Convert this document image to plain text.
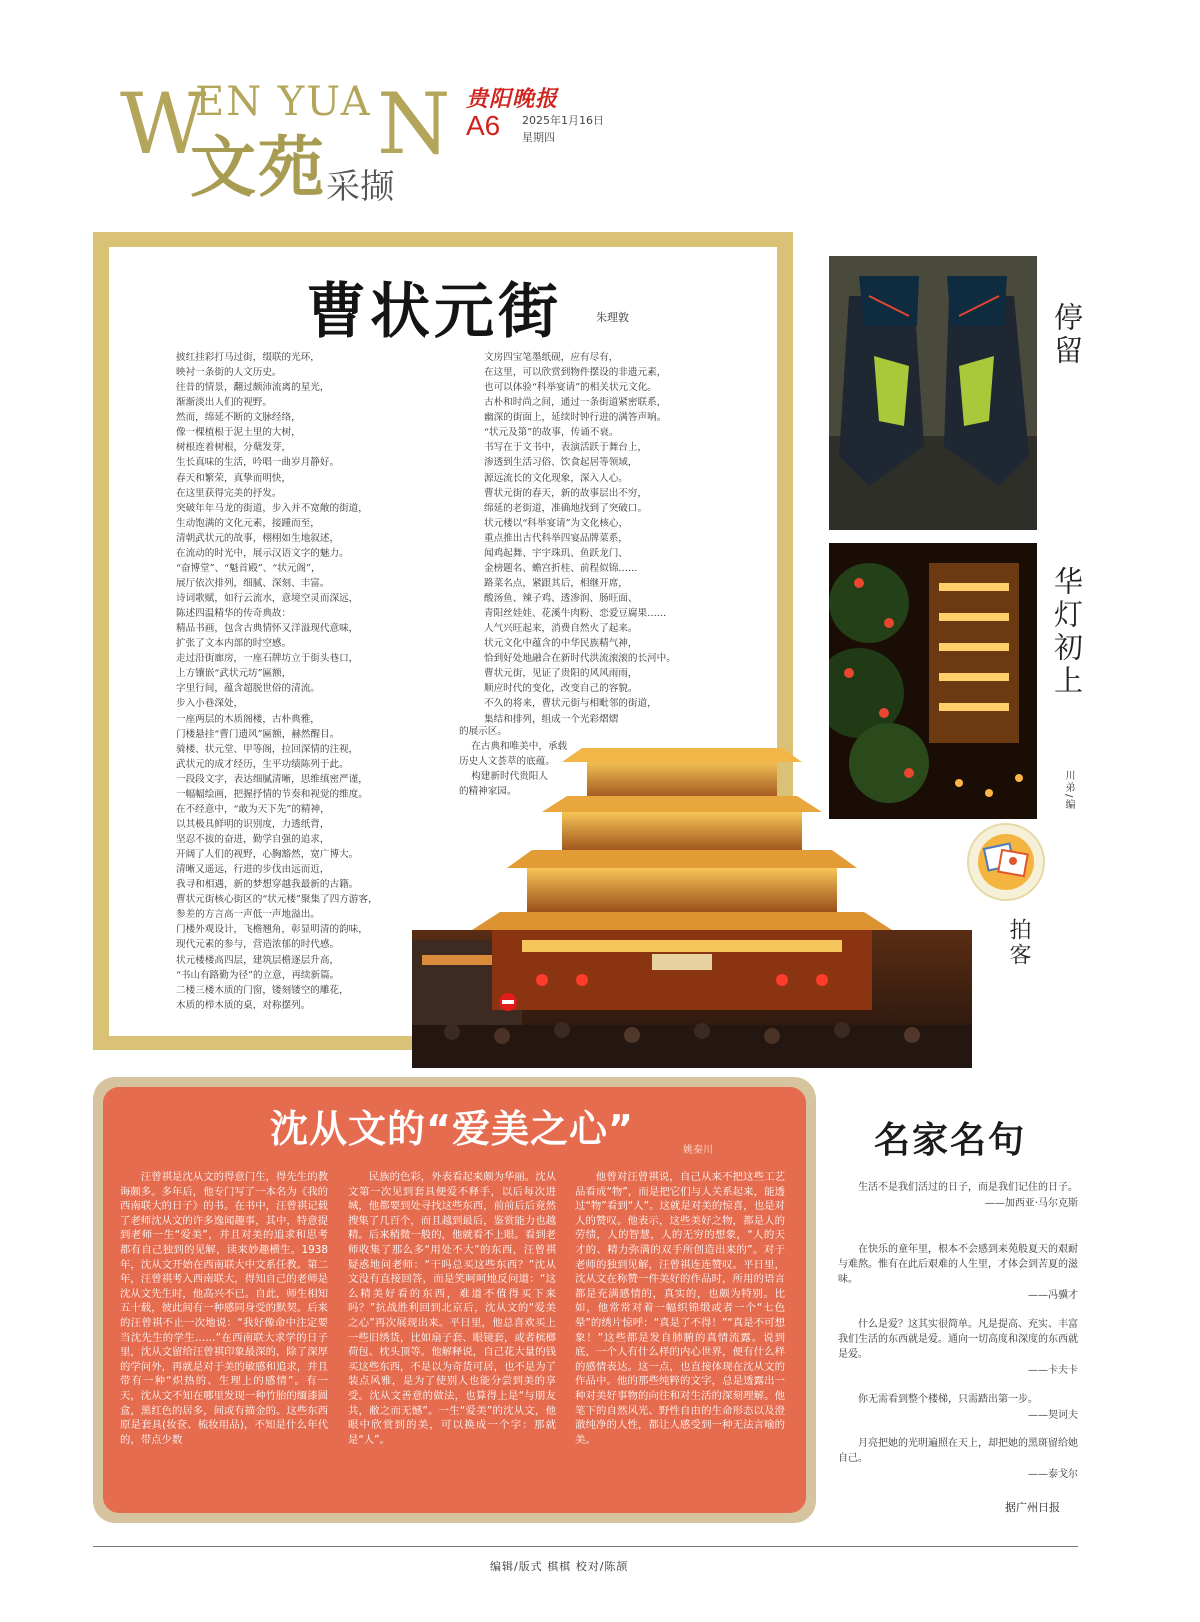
W
EN YUA N
文苑 采撷
贵阳晚报
A6 2025年1月16日
星期四
曹状元街	朱理敦
披红挂彩打马过街，缀联的光环，
映衬一条街的人文历史。
往昔的情景，翻过颇沛流离的星光，
渐渐淡出人们的视野。
然而，绵延不断的文脉经络，
像一棵植根于泥土里的大树，
树根连着树根，分蘖发芽，
生长真味的生活，吟唱一曲岁月静好。
春天和繁荣，真挚而明快，
在这里获得完美的抒发。
突破年年马龙的街道，步入并不宽敞的街道，
生动饱满的文化元素，接踵而至，
清朝武状元的故事，栩栩如生地叙述，
在流动的时光中，展示汉语文字的魅力。
“奋博堂”、“魁首殿”、“状元阁”，
展厅依次排列，细腻、深刻、丰富。
诗词歌赋，如行云流水，意境空灵而深远，
陈述四温精华的传奇典故：
精品书画，包含古典情怀又洋溢现代意味，
扩张了文本内部的时空感。
走过沿街廊房，一座石牌坊立于街头巷口，
上方镶嵌“武状元坊”匾额，
字里行间，蕴含超脱世俗的清流。
步入小巷深处，
一座两层的木质阁楼，古朴典雅，
门楼悬挂“曹门遗风”匾额，赫然醒目。
骑楼、状元堂、甲等阁，拉回深情的注视，
武状元的成才经历，生平功绩陈列于此。
一段段文字，表达细腻清晰，思维缜密严谨，
一幅幅绘画，把握抒情的节奏和视觉的维度。
在不经意中，“敢为天下先”的精神，
以其极具鲜明的识别度，力透纸背，
坚忍不拔的奋进，勤学自强的追求，
开阔了人们的视野，心胸豁然，宽广博大。
清晰又遥远，行进的步伐由远而近，
我寻和相遇，新的梦想穿越我最新的古籍。
曹状元街核心街区的“状元楼”聚集了四方游客，
参差的方言高一声低一声地溢出。
门楼外观设计，飞檐翘角，彰显明清的韵味，
现代元素的参与，营造浓郁的时代感。
状元楼楼高四层，建筑层檐逐层升高，
“书山有路勤为径”的立意，再续新篇。
二楼三楼木质的门窗，镂刻镂空的雕花，
木质的栉木质的桌，对称摆列。
文房四宝笔墨纸砚，应有尽有，
在这里，可以欣赏到物件摆设的非遗元素，
也可以体验“科举宴请”的相关状元文化。
古朴和时尚之间，通过一条街道紧密联系，
幽深的街面上，延续时钟行进的满答声响。
“状元及第”的故事，传诵不衰。
书写在于文书中，表演活跃于舞台上，
渗透到生活习俗、饮食起居等领域，
源远流长的文化现象，深入人心。
曹状元街的春天，新的故事层出不穷，
绵延的老街道，准确地找到了突破口。
状元楼以“科举宴请”为文化核心，
重点推出古代科举四宴品牌菜系，
闻鸡起舞、宇宇珠玑、鱼跃龙门、
金榜题名、蟾宫折桂、前程似锦……
路菜名点，紧跟其后，相继开席，
酸汤鱼、辣子鸡、透渗润、肠旺面、
青阳丝娃娃、花溪牛肉粉、恋爱豆腐果……
人气兴旺起来，消费自然火了起来。
状元文化中蕴含的中华民族精气神，
恰到好处地融合在新时代洪流滚滚的长河中。
曹状元街，见证了贵阳的风风雨雨，
顺应时代的变化，改变自己的容貌。
不久的将来，曹状元街与相毗邻的街道，
集结和排列，组成一个光彩熠熠
的展示区。
在古典和唯美中，承载
历史人文荟萃的底蕴。
构建新时代贵阳人
的精神家园。
停留
华灯初上
川弟/编
拍客
沈从文的“爱美之心”	姚秦川
汪曾祺是沈从文的得意门生，得先生的教诲颇多。多年后，他专门写了一本名为《我的西南联大的日子》的书。在书中，汪曾祺记载了老师沈从文的许多逸闻趣事，其中，特意提到老师一生“爱美”，并且对美的追求和思考都有自己独到的见解，读来妙趣横生。1938年，沈从文开始在西南联大中文系任教。第二年，汪曾祺考入西南联大，得知自己的老师是沈从文先生时，他高兴不已。自此，师生相知五十载，彼此间有一种感同身受的默契。后来的汪曾祺不止一次地说：“我好像命中注定要当沈先生的学生……”在西南联大求学的日子里，沈从文留给汪曾祺印象最深的，除了深厚的学问外，再就是对于美的敏感和追求，并且带有一种“炽热的、生理上的感情”。有一天，沈从文不知在哪里发现一种竹胎的缅漆圆盒，黑红色的居多，间或有描金的。这些东西原是套具(妆奁、梳妆用品)，不知是什么年代的，带点少数
民族的色彩，外表看起来颇为华丽。沈从文第一次见到套具便爱不释手，以后每次进城，他都要到处寻找这些东西，前前后后竟然搜集了几百个，而且越到最后，鉴赏能力也越精。后来稍微一般的，他就看不上眼。看到老师收集了那么多“用处不大”的东西，汪曾祺疑惑地问老师：“干吗总买这些东西？”沈从文没有直接回答，而是笑呵呵地反问道：“这么精美好看的东西，难道不值得买下来吗？”抗战胜利回到北京后，沈从文的“爱美之心”再次展现出来。平日里，他总喜欢买上一些旧绣货，比如扇子套、眼镜套，或者槟榔荷包、枕头顶等。他解释说，自己花大量的钱买这些东西，不是以为奇货可居，也不是为了装点风雅，是为了使别人也能分尝到美的享受。沈从文善意的做法，也算得上是“与朋友共，敝之而无憾”。一生“爱美”的沈从文，他眼中欣赏到的美，可以换成一个字：那就是“人”。
他曾对汪曾祺说，自己从来不把这些工艺品看成“物”，而是把它们与人关系起来，能透过“物”看到“人”。这就是对美的惊喜，也是对人的赞叹。他表示，这些美好之物，都是人的劳绩，人的智慧，人的无穷的想象，“人的天才的、精力弥满的双手所创造出来的”。对于老师的独到见解，汪曾祺连连赞叹。平日里，沈从文在称赞一件美好的作品时，所用的语言都是充满感情的，真实的，也颇为特别。比如，他常常对着一幅织锦缎或者一个“七色晕”的绣片惊呼：“真是了不得！”“真是不可想象！”这些都是发自肺腑的真情流露。说到底，一个人有什么样的内心世界，便有什么样的感情表达。这一点，也直接体现在沈从文的作品中。他的那些纯粹的文字，总是透露出一种对美好事物的向往和对生活的深刻理解。他笔下的自然风光、野性自由的生命形态以及澄澈纯净的人性，都让人感受到一种无法言喻的美。
名家名句
生活不是我们活过的日子，而是我们记住的日子。
——加西亚·马尔克斯
在快乐的童年里，根本不会感到来苑般夏天的艰耐与难熬。惟有在此后艰难的人生里，才体会到苦夏的滋味。
——冯骥才
什么是爱？这其实很简单。凡是提高、充实、丰富我们生活的东西就是爱。通向一切高度和深度的东西就是爱。
——卡夫卡
你无需看到整个楼梯，只需踏出第一步。
——契诃夫
月亮把她的光明遍照在天上，却把她的黑斑留给她自己。
——泰戈尔
据广州日报
编辑/版式 棋棋 校对/陈颉
